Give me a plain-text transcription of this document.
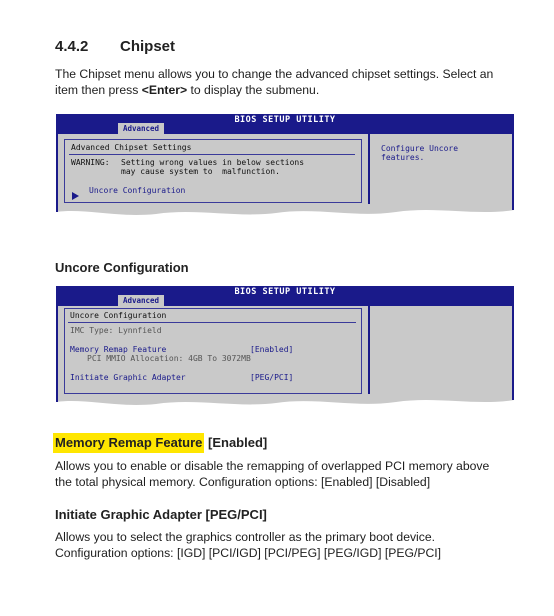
4.4.2 Chipset
The Chipset menu allows you to change the advanced chipset settings. Select an
item then press <Enter> to display the submenu.
BIOS SETUP UTILITY
Advanced
Advanced Chipset Settings
WARNING: Setting wrong values in below sections
may cause system to  malfunction.
Uncore Configuration
Configure Uncore
features.
Uncore Configuration
BIOS SETUP UTILITY
Advanced
Uncore Configuration
IMC Type: Lynnfield
Memory Remap Feature	[Enabled]
PCI MMIO Allocation: 4GB To 3072MB
Initiate Graphic Adapter	[PEG/PCI]
Memory Remap Feature [Enabled]
Allows you to enable or disable the remapping of overlapped PCI memory above
the total physical memory. Configuration options: [Enabled] [Disabled]
Initiate Graphic Adapter [PEG/PCI]
Allows you to select the graphics controller as the primary boot device.
Configuration options: [IGD] [PCI/IGD] [PCI/PEG] [PEG/IGD] [PEG/PCI]
